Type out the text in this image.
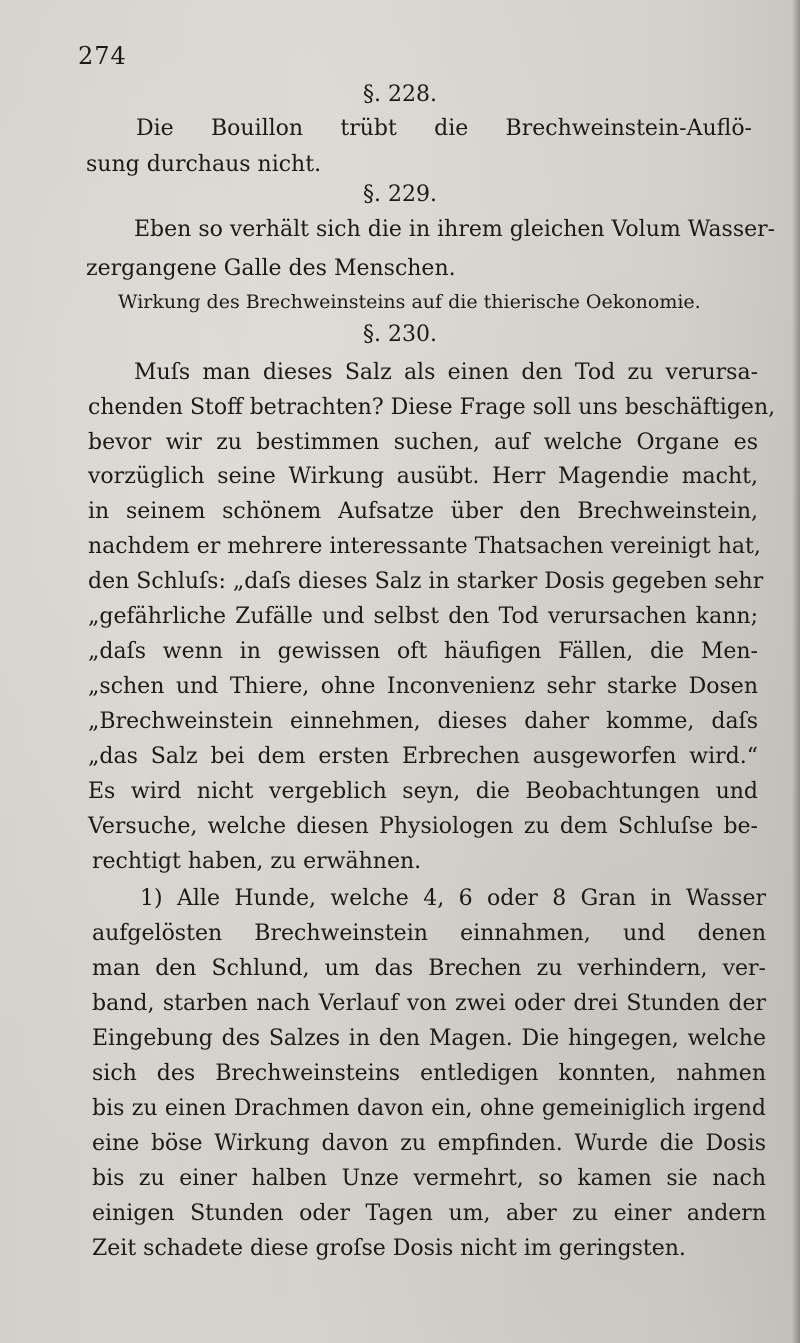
274
§. 228.
Die Bouillon trübt die Brechweinstein-Auflö-
sung durchaus nicht.
§. 229.
Eben so verhält sich die in ihrem gleichen Volum Wasser-
zergangene Galle des Menschen.
Wirkung des Brechweinsteins auf die thierische Oekonomie.
§. 230.
Muſs man dieses Salz als einen den Tod zu verursa-
chenden Stoff betrachten? Diese Frage soll uns beschäftigen,
bevor wir zu bestimmen suchen, auf welche Organe es
vorzüglich seine Wirkung ausübt. Herr Magendie macht,
in seinem schönem Aufsatze über den Brechweinstein,
nachdem er mehrere interessante Thatsachen vereinigt hat,
den Schluſs: „daſs dieses Salz in starker Dosis gegeben sehr
„gefährliche Zufälle und selbst den Tod verursachen kann;
„daſs wenn in gewissen oft häufigen Fällen, die Men-
„schen und Thiere, ohne Inconvenienz sehr starke Dosen
„Brechweinstein einnehmen, dieses daher komme, daſs
„das Salz bei dem ersten Erbrechen ausgeworfen wird.“
Es wird nicht vergeblich seyn, die Beobachtungen und
Versuche, welche diesen Physiologen zu dem Schluſse be-
rechtigt haben, zu erwähnen.
1) Alle Hunde, welche 4, 6 oder 8 Gran in Wasser
aufgelösten Brechweinstein einnahmen, und denen
man den Schlund, um das Brechen zu verhindern, ver-
band, starben nach Verlauf von zwei oder drei Stunden der
Eingebung des Salzes in den Magen. Die hingegen, welche
sich des Brechweinsteins entledigen konnten, nahmen
bis zu einen Drachmen davon ein, ohne gemeiniglich irgend
eine böse Wirkung davon zu empfinden. Wurde die Dosis
bis zu einer halben Unze vermehrt, so kamen sie nach
einigen Stunden oder Tagen um, aber zu einer andern
Zeit schadete diese groſse Dosis nicht im geringsten.
